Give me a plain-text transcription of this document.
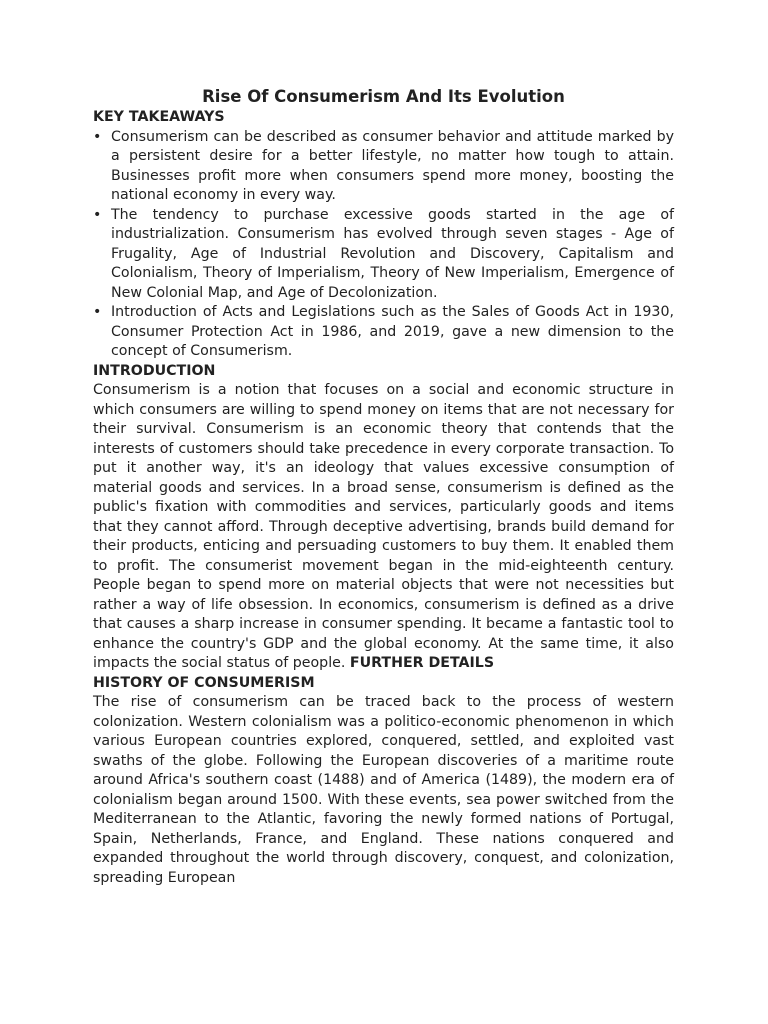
Rise Of Consumerism And Its Evolution
KEY TAKEAWAYS
• Consumerism can be described as consumer behavior and attitude marked by a persistent desire for a better lifestyle, no matter how tough to attain. Businesses profit more when consumers spend more money, boosting the national economy in every way.
• The tendency to purchase excessive goods started in the age of industrialization. Consumerism has evolved through seven stages - Age of Frugality, Age of Industrial Revolution and Discovery, Capitalism and Colonialism, Theory of Imperialism, Theory of New Imperialism, Emergence of New Colonial Map, and Age of Decolonization.
• Introduction of Acts and Legislations such as the Sales of Goods Act in 1930, Consumer Protection Act in 1986, and 2019, gave a new dimension to the concept of Consumerism.
INTRODUCTION

Consumerism is a notion that focuses on a social and economic structure in which consumers are willing to spend money on items that are not necessary for their survival. Consumerism is an economic theory that contends that the interests of customers should take precedence in every corporate transaction. To put it another way, it's an ideology that values excessive consumption of material goods and services. In a broad sense, consumerism is defined as the public's fixation with commodities and services, particularly goods and items that they cannot afford. Through deceptive advertising, brands build demand for their products, enticing and persuading customers to buy them. It enabled them to profit. The consumerist movement began in the mid-eighteenth century. People began to spend more on material objects that were not necessities but rather a way of life obsession. In economics, consumerism is defined as a drive that causes a sharp increase in consumer spending. It became a fantastic tool to enhance the country's GDP and the global economy. At the same time, it also impacts the social status of people. FURTHER DETAILS

HISTORY OF CONSUMERISM

The rise of consumerism can be traced back to the process of western colonization. Western colonialism was a politico-economic phenomenon in which various European countries explored, conquered, settled, and exploited vast swaths of the globe. Following the European discoveries of a maritime route around Africa's southern coast (1488) and of America (1489), the modern era of colonialism began around 1500. With these events, sea power switched from the Mediterranean to the Atlantic, favoring the newly formed nations of Portugal, Spain, Netherlands, France, and England. These nations conquered and expanded throughout the world through discovery, conquest, and colonization, spreading European
